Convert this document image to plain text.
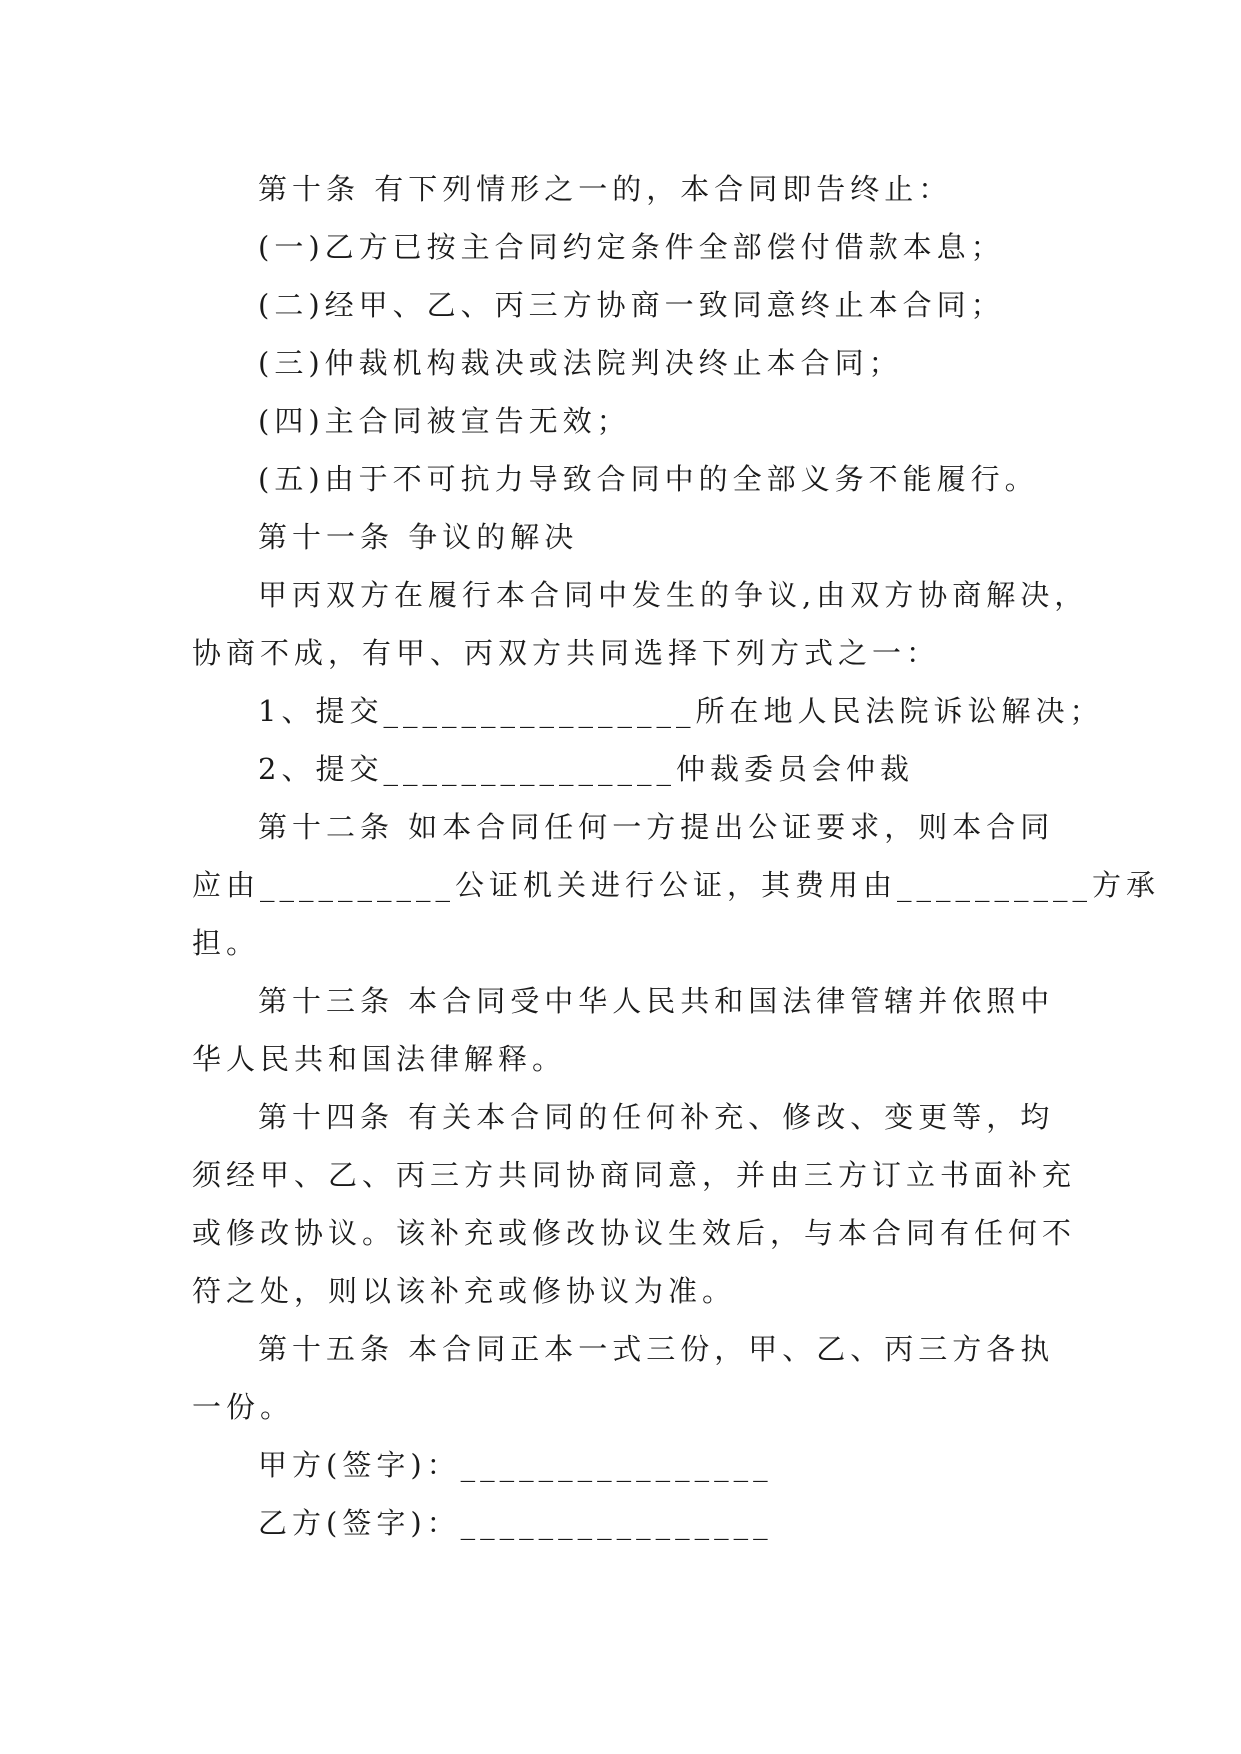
第十条 有下列情形之一的，本合同即告终止：
(一)乙方已按主合同约定条件全部偿付借款本息；
(二)经甲、乙、丙三方协商一致同意终止本合同；
(三)仲裁机构裁决或法院判决终止本合同；
(四)主合同被宣告无效；
(五)由于不可抗力导致合同中的全部义务不能履行。
第十一条 争议的解决
甲丙双方在履行本合同中发生的争议,由双方协商解决，
协商不成，有甲、丙双方共同选择下列方式之一：
1、提交________________所在地人民法院诉讼解决；
2、提交_______________仲裁委员会仲裁
第十二条 如本合同任何一方提出公证要求，则本合同
应由__________公证机关进行公证，其费用由__________方承
担。
第十三条 本合同受中华人民共和国法律管辖并依照中
华人民共和国法律解释。
第十四条 有关本合同的任何补充、修改、变更等，均
须经甲、乙、丙三方共同协商同意，并由三方订立书面补充
或修改协议。该补充或修改协议生效后，与本合同有任何不
符之处，则以该补充或修协议为准。
第十五条 本合同正本一式三份，甲、乙、丙三方各执
一份。
甲方(签字)：________________
乙方(签字)：________________
